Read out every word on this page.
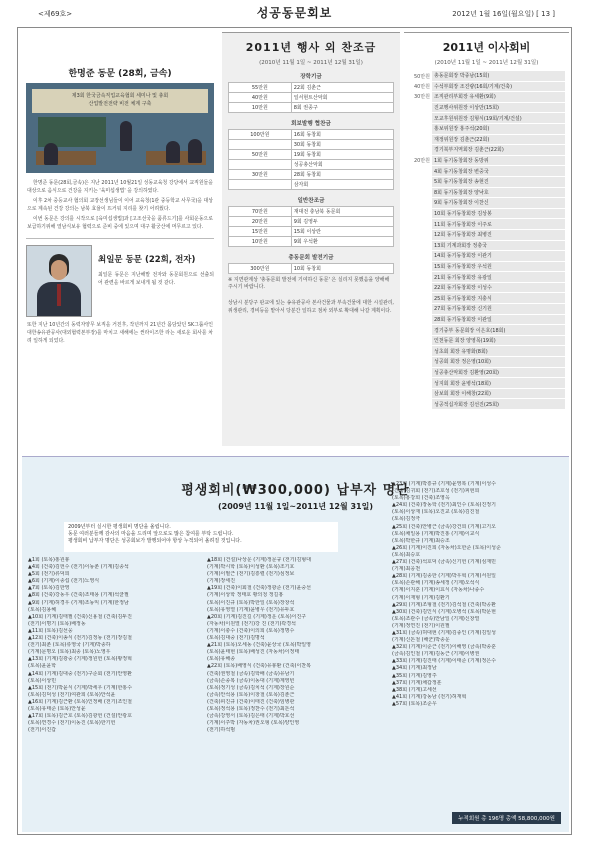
<제69호>	성공동문회보	2012년 1월 16일(월요일) [ 13 ]
한명준 동문 (28회, 금속)
제3회 한국금속직업교육협회 세미나 및 총회
산업발전전략 비전 체계 구축

한명준 동문(28회,금속)은 지난 2011년 10월21일 성동교육청 강당에서 교직원들을 대상으로 음식으로 건강을 지키는 '육미섭생법' 을 강의하였다.

이후 2차 중등교사 협의회 교장선생님들이 이어 교육청(1관 중등학교 사무국)을 대상으로 계속된 건강 강의는 남북 효율이 뜨거워 지리를 찾기 어려웠다.

이번 동문은 강의를 시작으로 [육미섭생법]과 [고조선국을 품류드기]를 사회운동으로 보급하기위해 열남식보유 협력으로 준비 중에 있으며 대구 활궁산에 머무르고 있다.

최일문 동문 (22회, 전자)
최일문 동문은 지난해말 전자와 동문회원으로 선출되어 관련을 바르게 보내게 됩 것 같다.
또한 지난 10년간의 동력자양무 보직을 거친후, 작년까지 21년간 몸담았던 SK그룹사인 대한송유관공사(대외협력본부장)를 마치고 새해에는 썬라이즈한 라는 새로운 회사를 차려 일하게 되었다.
2011년 행사 외 찬조금
(2010년 11월 1일 ~ 2011년 12월 31일)
장학기금
55만원	22회 김춘근
40만원	일서현트산악회
10만원	8회 권종구
회보발행 협찬금
100만원	16회 동창회
	30회 동창회
50만원	19회 동창회
	성공총산악회
30만원	28회 동창회
	삼자회
일반찬조금
70만원	재대전 충남북 동문회
20만원	9회 김영두
15만원	15회 이상란
10만원	9회 우석환
총동문회 발전기금
300만원	10회 동창회
※ 지면관계상 '총동문회 발전에 기여하신 동문' 은 실리지 못했음을 양해해 주시기 바랍니다.
상남시 분당구 판교에 있는 송유관공사 본사건물과 부속건물에 대한 시설관리, 위생관리, 경비등을 맡아서 당분간 일하고 점차 외부로 확대해 나갈 계획이다.
2011년 이사회비
(2010년 11월 1일 ~ 2011년 12월 31일)
50만원	총동문회장 박종남(15회)
40만원	수석부회장 조진량(16회/기계/건축)
30만원	조직관리부회장 유세환(9회)
	진교행사위원장 이상만(15회)
	모교후원위원장 김형식(19회/기계/건설)
	홍보위원장 홍주석(20회)
	재정위원장 김춘근(22회)
	경기북부지역회장 김춘근(22회)
20만원	1회 동기동창회장 동방위
	4회 동기동창회장 변중국
	5회 동기동창회장 송현진
	8회 동기동창회장 양낙호
	9회 동기동창회장 이찬신
	10회 동기동창회장 김상봉
	11회 동기동창회장 이주로
	12회 동기동창회장 최병진
	13회 기계과회장 정충국
	14회 동기동창회장 이관기
	15회 동기동창회장 우석원
	21회 동기동창회장 유광일
	22회 동기동창회장 이성수
	25회 동기동창회장 지충식
	27회 동기동창회장 신기원
	28회 동기동창회장 이관일
	경기중부 동문회장 이은호(18회)
	인천동문 회장 양영목(19회)
	성초회 회장 유명화(8회)
	성공회 회장 정은영(10회)
	성공총산악회장 김환영(20회)
	성지회 회장 윤병석(18회)
	삼보회 회장 이해창(22회)
	성공적십자회장 김선진(25회)
평생회비(₩300,000) 납부자 명단
(2009년 11월 1일~2011년 12월 31일)
2009년부터 실시한 평생회비 명단을 올립니다.
동문 여러분들께 감사의 마음을 드리며 앞으로도 많은 참여를 부탁 드립니다.
평생회비 납부자 명단은 성공회보가 발행되어야 항상 누적되어 올려질 것입니다.
▲1회 (토목)홍원봉
▲4회 (건축)김헌수 (전기)이동춘 (기계)김종석
▲5회 (전기)류덕희
▲6회 (기계)이종섭 (전기)노영식
▲7회 (토목)김한영
▲8회 (건축)강동우 (건축)조태용 (기계)석균필
▲9회 (기계)허경우 (기계)조동익 (기계)한정남
(토목)김용혜
▲10회 (기계)김태필 (건축)신용철 (건축)김두진
(전기)이명기 (토목)배정동
▲11회 (토목)김선웅
▲12회 (건축)이송식 (전기)김정동 (전기)장김철
(전기)최춘 (토목)류영국 (기계)박종하
(기계)문명오 (토목)최종 (토목)노영우
▲13회 (기계)김광중 (기계)정원헌 (토목)황정혁
(토목)윤윤학
▲14회 (기계)김대중 (전기)구준회 (전기)안영환
(토목)이상민
▲15회 (전기)박윤식 (기계)박세우 (기계)한홍수
(토목)김덕성 (전기)여관희 (토목)안석윤
▲16회 (기계)김근환 (토목)인정배 (전기)조인철
(토목)유태준 (토목)안성윤
▲17회 (토목)김근호 (토목)김광헌 (건설)안광호
(토목)연경수 (전기)이동진 (토목)한기헌
(전기)이진갑
▲18회 (건설)나상운 (기계)정문규 (전기)김형대
(기계)박시학 (토목)이성환 (토목)조기호
(기계)이필근 (전기)김흥렬 (전기)심정보
(기계)장세진
▲19회 (건축)이회철 (건축)정광준 (전기)윤중선
(기계)이상학 정태호 황의청 정길홍
(토목)이진규 (토목)박한일 (토목)장창석
(토목)유영열 (기계)윤병우 (전기)유두호
▲20회 (기계)김진길 (기계)정운 (토목)이진구
(자동차)이원열 (전기)강 진 (전기)곽경석
(기계)이충수 (건축)이의희 (토목)정명수
(토목)김대중 (전기)김명석
▲21회 (토목)오세동 (건축)윤상국 (토목)박일영
(토목)윤태현 (토목)배성진 (자동차)이정태
(토목)유해종
▲22회 (토목)배영식 (건축)유봉환 (건축)이찬복
(건축)권영철 (금속)김학배 (금속)유남기
(금속)손종복 (금속)이동대 (기계)계영빈
(토목)정기성 (금속)김치석 (기계)장원순
(금속)안석용 (토목)이창철 (토목)김춘근
(건축)피진규 (건축)이태진 (건축)임병관
(토목)정석용 (토목)정찬수 (전기)최돈석
(금속)강영서 (토목)김은태 (기계)박호선
(기계)이주박 (자동차)권오형 (토목)양인영
(전기)하석범
▲23회 (기계)박흥규 (기계)윤영복 (기계)이성수
(건축)김귀회 (전기)조호성 (전기)피현희
(토목)홍강희 (건축)조영옥
▲24회 (건축)장동학 (전기)최인수 (토목)진정기
(토목)이상재 (토목)오진교 (토목)김진철
(토목)김정극
▲25회 (건축)안병근 (금속)강건희 (기계)고기오
(토목)채일용 (기계)박진홍 (기계)이교식
(토목)박한규 (기계)최승조
▲26회 (기계)이진희 (자동차)오한준 (토목)이성준
(토목)최승호
▲27회 (건축)석호덕 (금속)신기헌 (기계)심재민
(기계)최응천
▲28회 (기계)김종한 (기계)박우혁 (기계)서원일
(토목)손관해 (기계)송세정 (기계)오석식
(기계)이지훈 (기계)이효식 (자동차)나종수
(기계)이재형 (기계)김환기
▲29회 (기계)조형철 (전기)김석철 (건축)박공환
▲30회 (건축)김인식 (기계)오병석 (토목)박문현
(토목)조관수 (금속)안남일 (기계)신창열
(기계)정연진 (전기)이원필
▲31회 (금속)허대현 (기계)김종인 (기계)김일성
(기계)신돈철 (해군)박종운
▲32회 (기계)이준근 (전기)이해영 (금속)박종훈
(금속)김인철 (기계)김동근 (기계)이병권
▲33회 (기계)김진태 (기계)이태준 (기계)정은수
▲34회 (기계)최정남
▲35회 (기계)김영주
▲37회 (기계)채갑정훈
▲38회 (기계)고세선
▲41회 (기계)강동남 (전기)허재혁
▲57회 (토목)조준우
누적회원 총 196명 총액 58,800,000원
